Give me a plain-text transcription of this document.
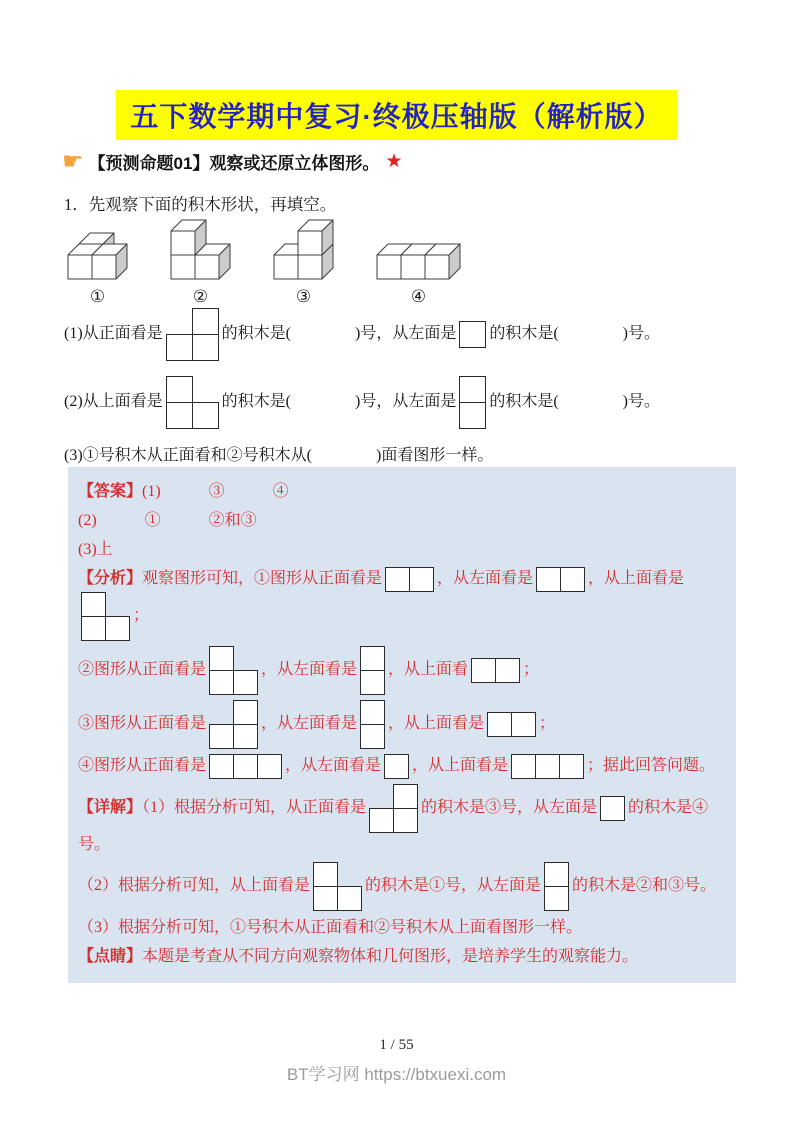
五下数学期中复习·终极压轴版（解析版）
☛ 【预测命题01】观察或还原立体图形。 ★
1．先观察下面的积木形状，再填空。
①	②	③	④
(1)从正面看是	的积木是(　　　　)号，从左面是 的积木是(　　　　)号。
(2)从上面看是	的积木是(　　　　)号，从左面是 的积木是(　　　　)号。
(3)①号积木从正面看和②号积木从(　　　　)面看图形一样。
【答案】(1)　　　③　　　④
(2)　　　①　　　②和③
(3)上
【分析】观察图形可知，①图形从正面看是	，从左面看是	，从上面看是
；
②图形从正面看是	，从左面看是 ，从上面看	；
③图形从正面看是	，从左面看是 ，从上面看是	；
④图形从正面看是	，从左面看是 ，从上面看是	；据此回答问题。
【详解】（1）根据分析可知，从正面看是	的积木是③号，从左面是 的积木是④号。
（2）根据分析可知，从上面看是	的积木是①号，从左面是 的积木是②和③号。
（3）根据分析可知，①号积木从正面看和②号积木从上面看图形一样。
【点睛】本题是考查从不同方向观察物体和几何图形，是培养学生的观察能力。
1 / 55
BT学习网 https://btxuexi.com
